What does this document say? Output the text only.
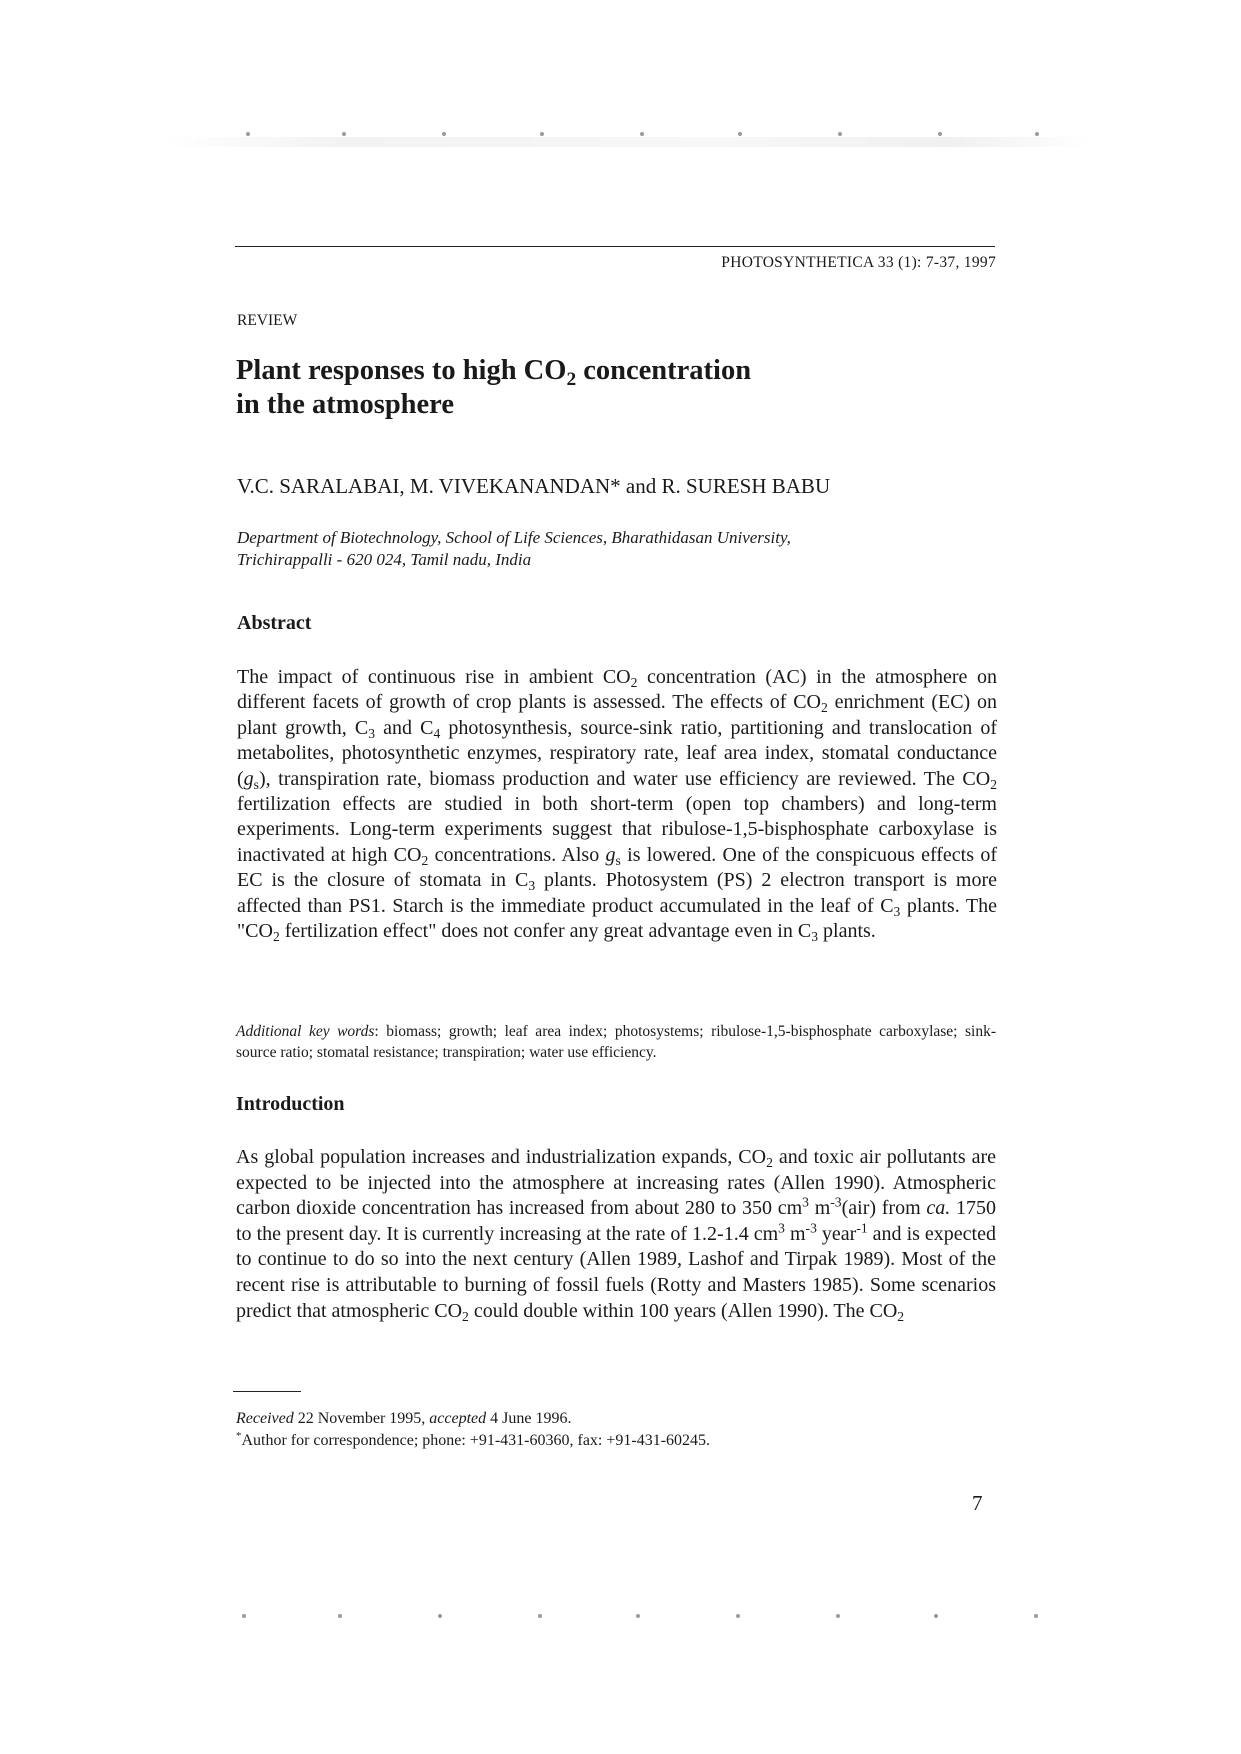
PHOTOSYNTHETICA 33 (1): 7-37, 1997
REVIEW
Plant responses to high $CO_2$ concentration
in the atmosphere
V.C. SARALABAI, M. VIVEKANANDAN* and R. SURESH BABU
Department of Biotechnology, School of Life Sciences, Bharathidasan University,
Trichirappalli - 620 024, Tamil nadu, India
Abstract
The impact of continuous rise in ambient $CO_2$ concentration (AC) in the atmosphere on different facets of growth of crop plants is assessed. The effects of $CO_2$ enrichment (EC) on plant growth, $C_3$ and $C_4$ photosynthesis, source-sink ratio, partitioning and translocation of metabolites, photosynthetic enzymes, respiratory rate, leaf area index, stomatal conductance $(g_s)$, transpiration rate, biomass production and water use efficiency are reviewed. The $CO_2$ fertilization effects are studied in both short-term (open top chambers) and long-term experiments. Long-term experiments suggest that ribulose-1,5-bisphosphate carboxylase is inactivated at high $CO_2$ concentrations. Also $g_s$ is lowered. One of the conspicuous effects of EC is the closure of stomata in $C_3$ plants. Photosystem (PS) 2 electron transport is more affected than PS1. Starch is the immediate product accumulated in the leaf of $C_3$ plants. The "$CO_2$ fertilization effect" does not confer any great advantage even in $C_3$ plants.
Additional key words: biomass; growth; leaf area index; photosystems; ribulose-1,5-bisphosphate carboxylase; sink-source ratio; stomatal resistance; transpiration; water use efficiency.
Introduction
As global population increases and industrialization expands, $CO_2$ and toxic air pollutants are expected to be injected into the atmosphere at increasing rates (Allen 1990). Atmospheric carbon dioxide concentration has increased from about 280 to 350 $cm^3$ $m^{-3}(air)$ from ca. 1750 to the present day. It is currently increasing at the rate of 1.2-1.4 $cm^3$ $m^{-3}$ year$^{-1}$ and is expected to continue to do so into the next century (Allen 1989, Lashof and Tirpak 1989). Most of the recent rise is attributable to burning of fossil fuels (Rotty and Masters 1985). Some scenarios predict that atmospheric $CO_2$ could double within 100 years (Allen 1990). The $CO_2$
Received 22 November 1995, accepted 4 June 1996.
*Author for correspondence; phone: +91-431-60360, fax: +91-431-60245.
7
